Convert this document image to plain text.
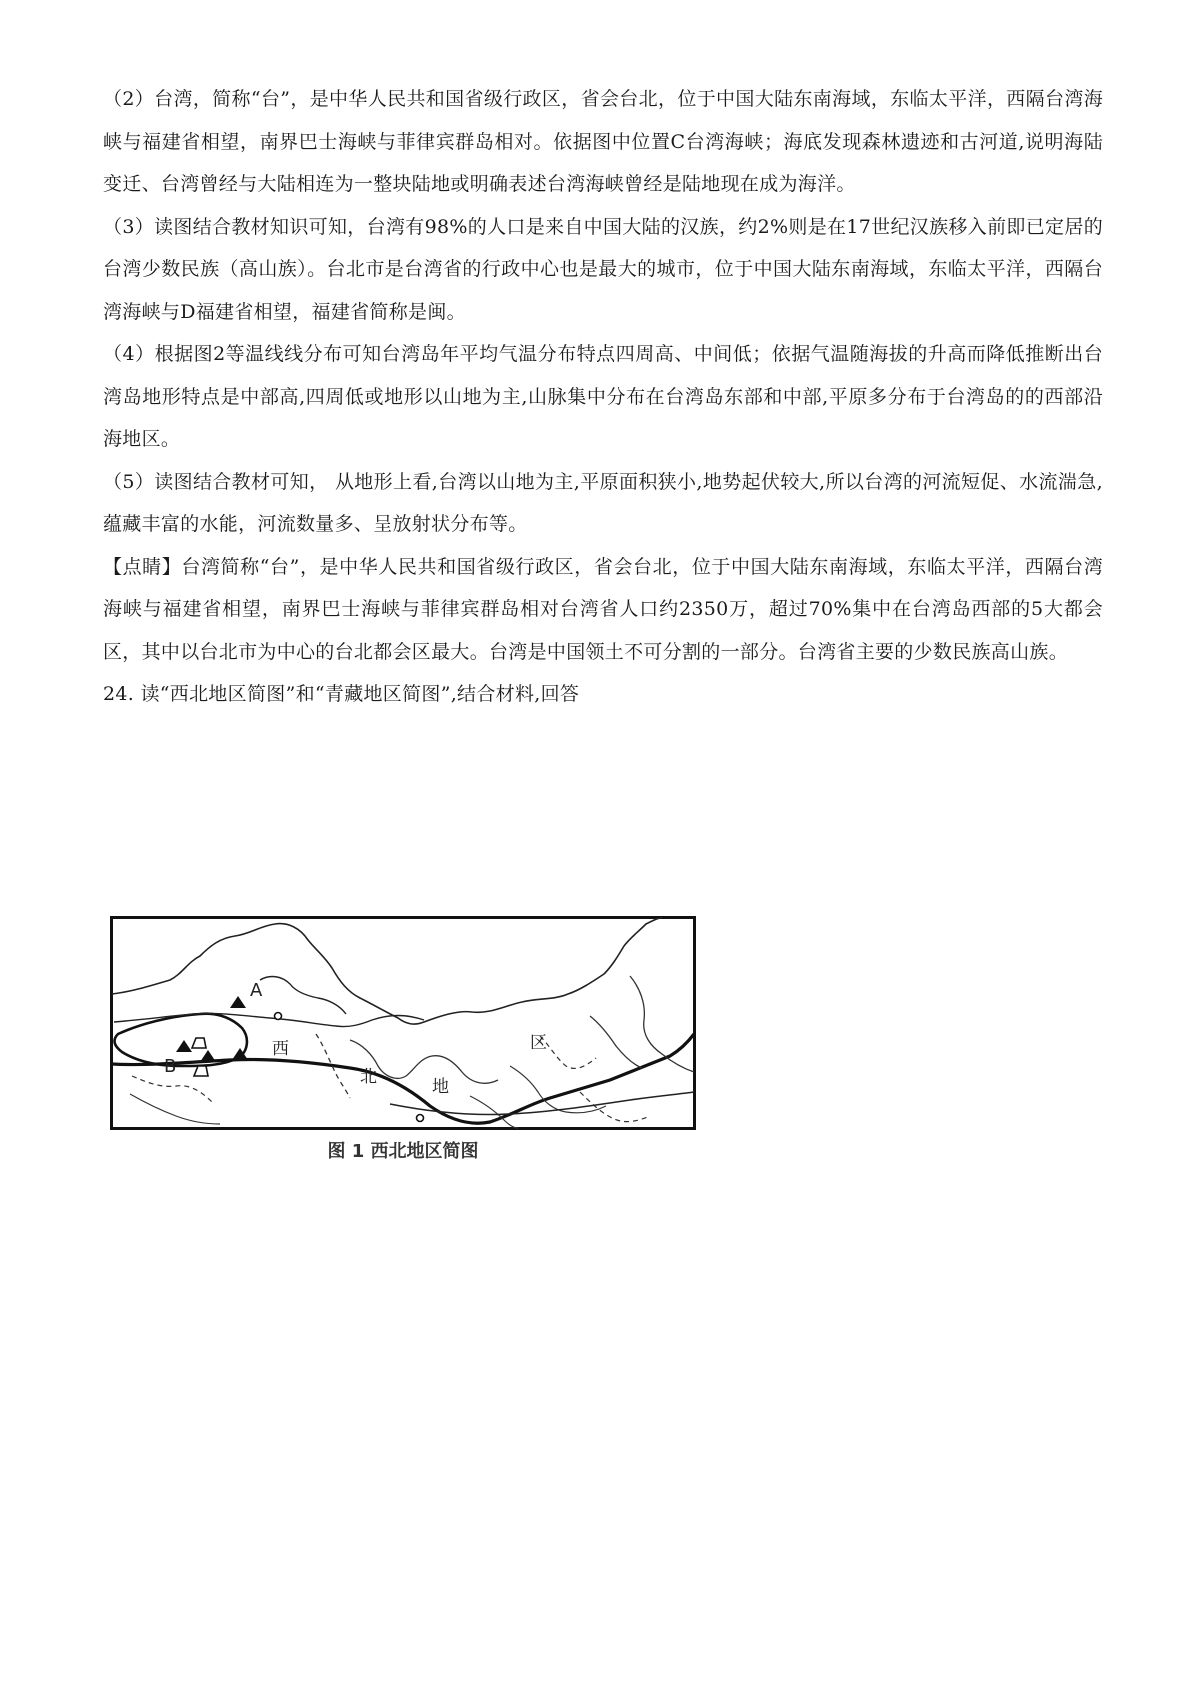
（2）台湾，简称“台”，是中华人民共和国省级行政区，省会台北，位于中国大陆东南海域，东临太平洋，西隔台湾海峡与福建省相望，南界巴士海峡与菲律宾群岛相对。依据图中位置C台湾海峡；海底发现森林遗迹和古河道,说明海陆变迁、台湾曾经与大陆相连为一整块陆地或明确表述台湾海峡曾经是陆地现在成为海洋。

（3）读图结合教材知识可知，台湾有98%的人口是来自中国大陆的汉族，约2%则是在17世纪汉族移入前即已定居的台湾少数民族（高山族）。台北市是台湾省的行政中心也是最大的城市，位于中国大陆东南海域，东临太平洋，西隔台湾海峡与D福建省相望，福建省简称是闽。

（4）根据图2等温线线分布可知台湾岛年平均气温分布特点四周高、中间低；依据气温随海拔的升高而降低推断出台湾岛地形特点是中部高,四周低或地形以山地为主,山脉集中分布在台湾岛东部和中部,平原多分布于台湾岛的的西部沿海地区。

（5）读图结合教材可知， 从地形上看,台湾以山地为主,平原面积狭小,地势起伏较大,所以台湾的河流短促、水流湍急,蕴藏丰富的水能，河流数量多、呈放射状分布等。

【点睛】台湾简称“台”，是中华人民共和国省级行政区，省会台北，位于中国大陆东南海域，东临太平洋，西隔台湾海峡与福建省相望，南界巴士海峡与菲律宾群岛相对台湾省人口约2350万，超过70%集中在台湾岛西部的5大都会区，其中以台北市为中心的台北都会区最大。台湾是中国领土不可分割的一部分。台湾省主要的少数民族高山族。

24. 读“西北地区简图”和“青藏地区简图”,结合材料,回答

A
B
西
北	地
区
图 1 西北地区简图
